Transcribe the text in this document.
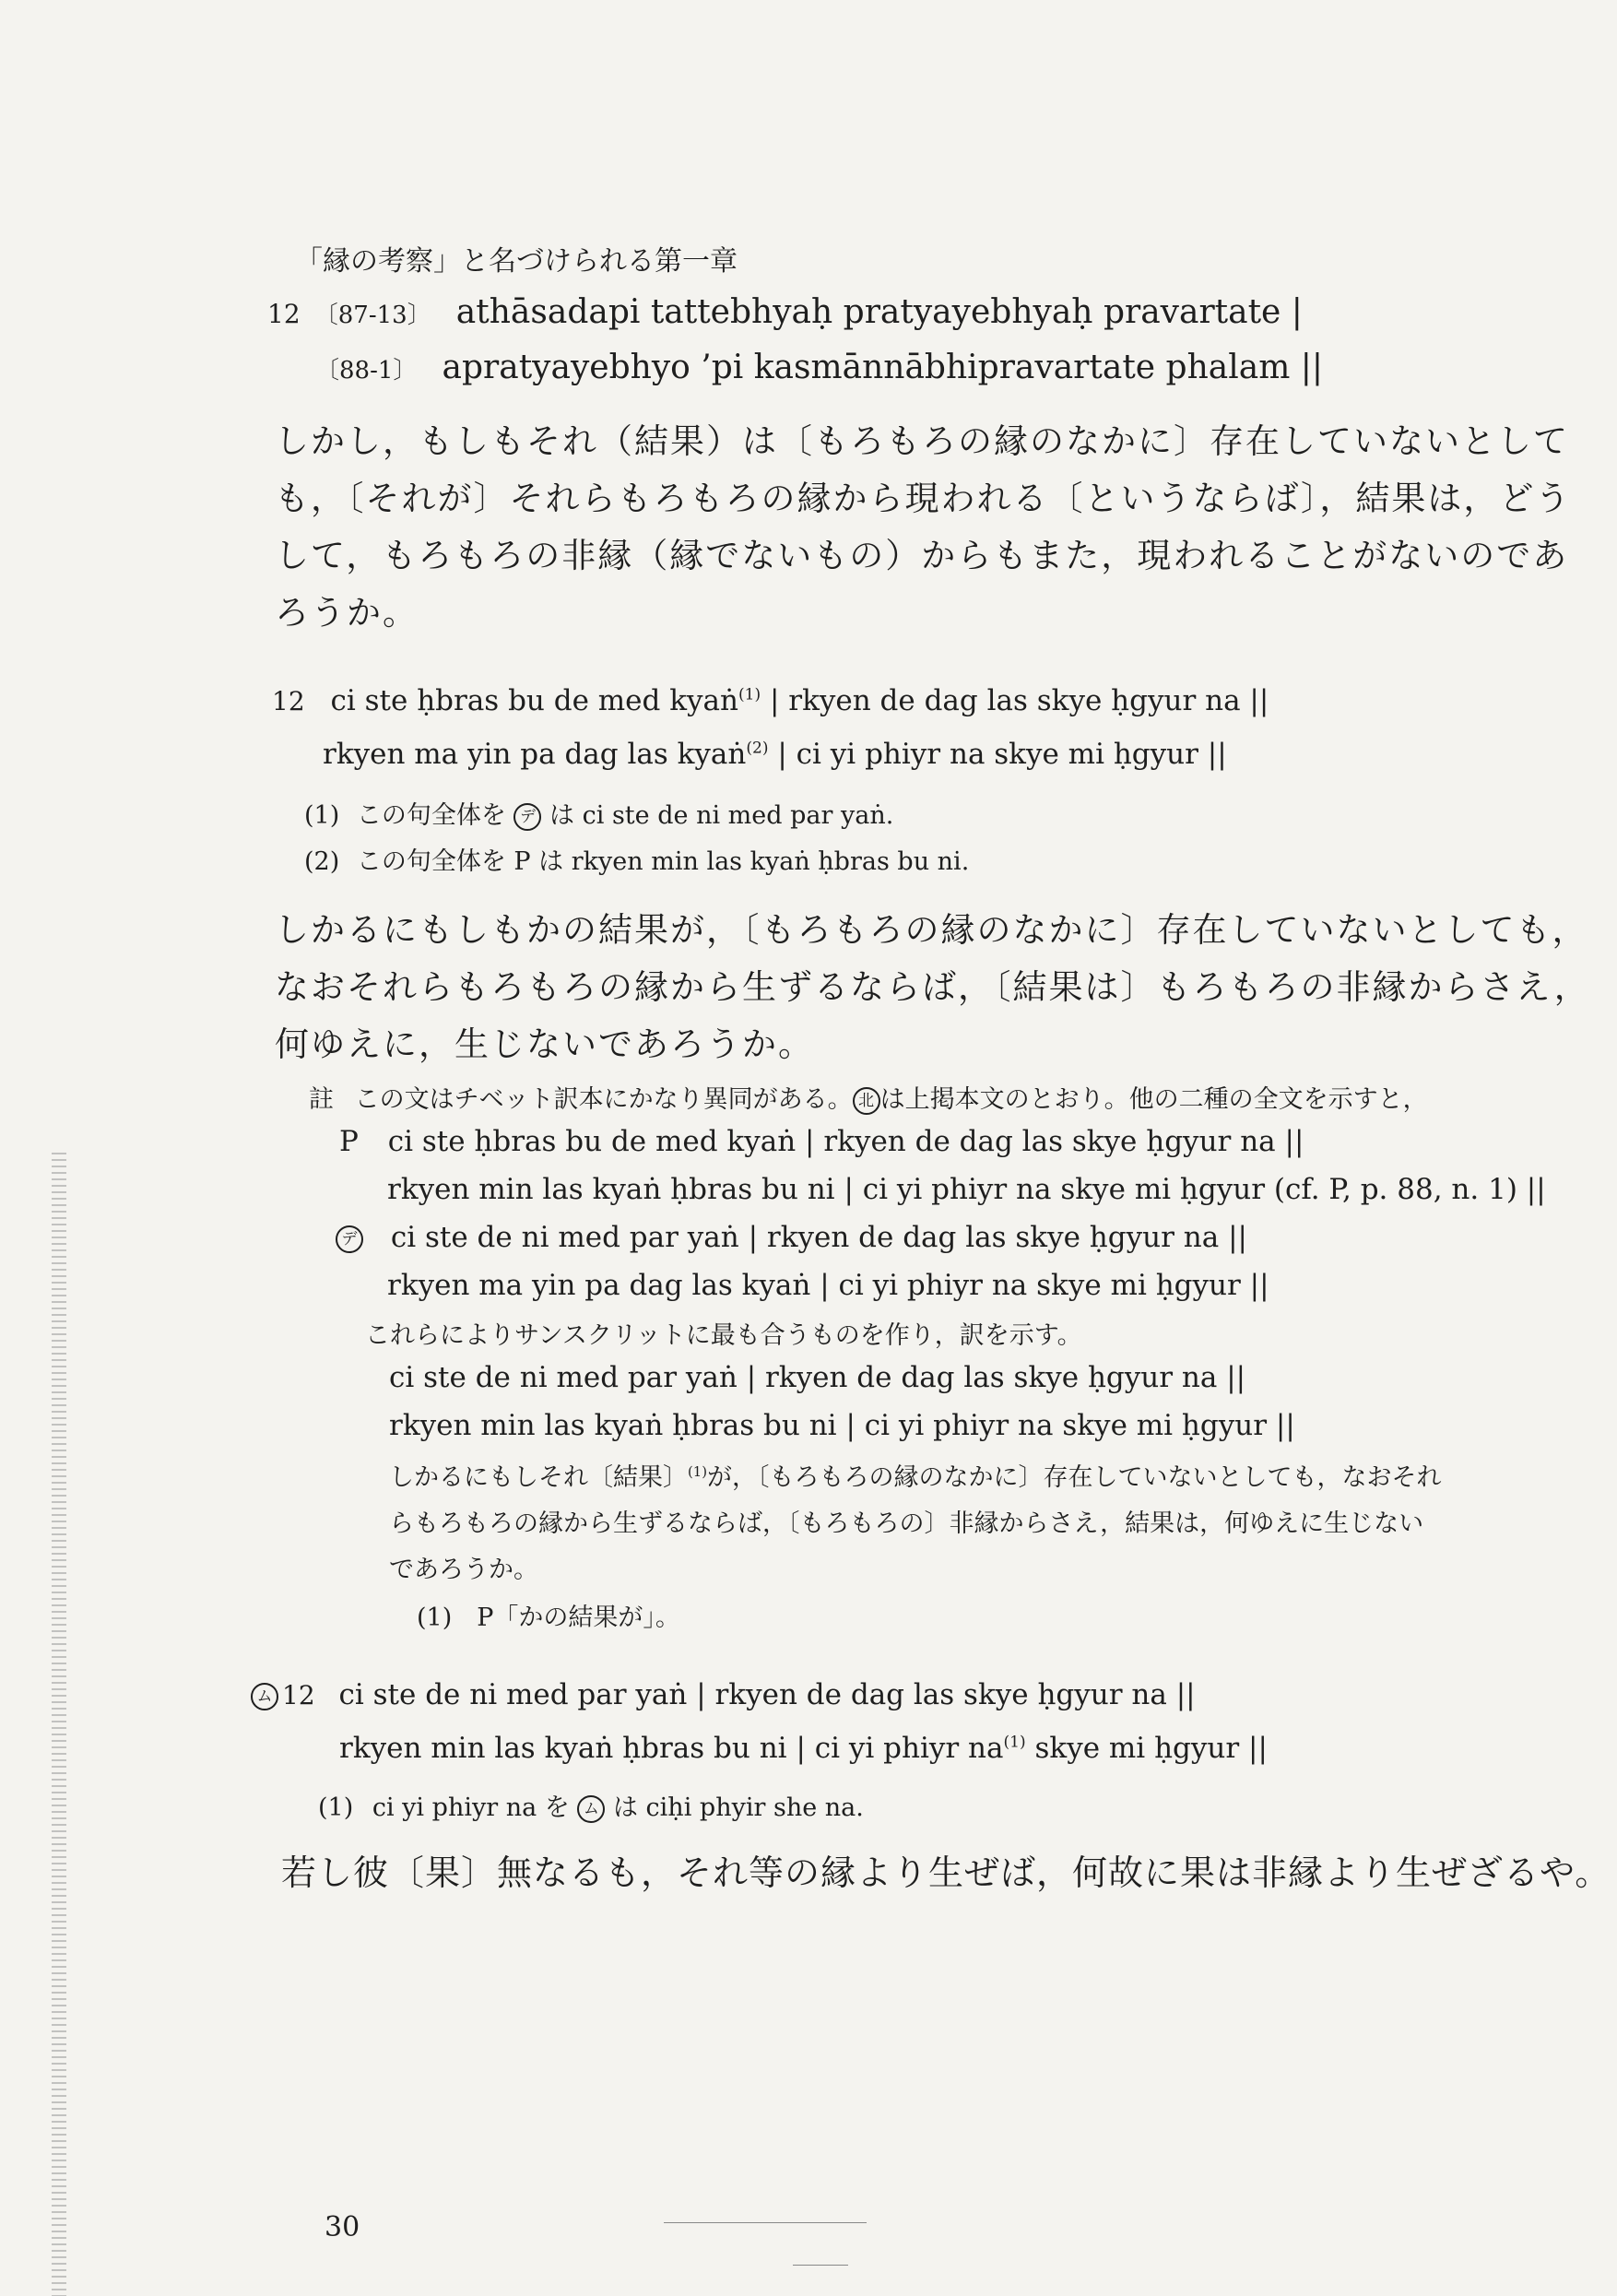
「縁の考察」と名づけられる第一章
12 〔87-13〕 athāsadapi tattebhyaḥ pratyayebhyaḥ pravartate |
〔88-1〕 apratyayebhyo ’pi kasmānnābhipravartate phalam ||
しかし，もしもそれ（結果）は〔もろもろの縁のなかに〕存在していないとして
も，〔それが〕それらもろもろの縁から現われる〔というならば〕，結果は，どう
して，もろもろの非縁（縁でないもの）からもまた，現われることがないのであ
ろうか。
12 ci ste ḥbras bu de med kyaṅ$^{(1)}$ | rkyen de dag las skye ḥgyur na ||
rkyen ma yin pa dag las kyaṅ$^{(2)}$ | ci yi phiyr na skye mi ḥgyur ||
(1) この句全体を デ は ci ste de ni med par yaṅ.
(2) この句全体を P は rkyen min las kyaṅ ḥbras bu ni.
しかるにもしもかの結果が，〔もろもろの縁のなかに〕存在していないとしても，
なおそれらもろもろの縁から生ずるならば，〔結果は〕もろもろの非縁からさえ，
何ゆえに，生じないであろうか。
註 この文はチベット訳本にかなり異同がある。 北 は上掲本文のとおり。他の二種の全文を示すと，
P ci ste ḥbras bu de med kyaṅ | rkyen de dag las skye ḥgyur na ||
rkyen min las kyaṅ ḥbras bu ni | ci yi phiyr na skye mi ḥgyur (cf. P, p. 88, n. 1) ||
デ ci ste de ni med par yaṅ | rkyen de dag las skye ḥgyur na ||
rkyen ma yin pa dag las kyaṅ | ci yi phiyr na skye mi ḥgyur ||
これらによりサンスクリットに最も合うものを作り，訳を示す。
ci ste de ni med par yaṅ | rkyen de dag las skye ḥgyur na ||
rkyen min las kyaṅ ḥbras bu ni | ci yi phiyr na skye mi ḥgyur ||
しかるにもしそれ〔結果〕$^{(1)}$が，〔もろもろの縁のなかに〕存在していないとしても，なおそれ
らもろもろの縁から生ずるならば，〔もろもろの〕非縁からさえ，結果は，何ゆえに生じない
であろうか。
(1)　P「かの結果が」。
ム 12 ci ste de ni med par yaṅ | rkyen de dag las skye ḥgyur na ||
rkyen min las kyaṅ ḥbras bu ni | ci yi phiyr $na^{(1)}$ skye mi ḥgyur ||
(1) ci yi phiyr na を ム は ciḥi phyir she na.
若し彼〔果〕無なるも，それ等の縁より生ぜば，何故に果は非縁より生ぜざるや。
30
